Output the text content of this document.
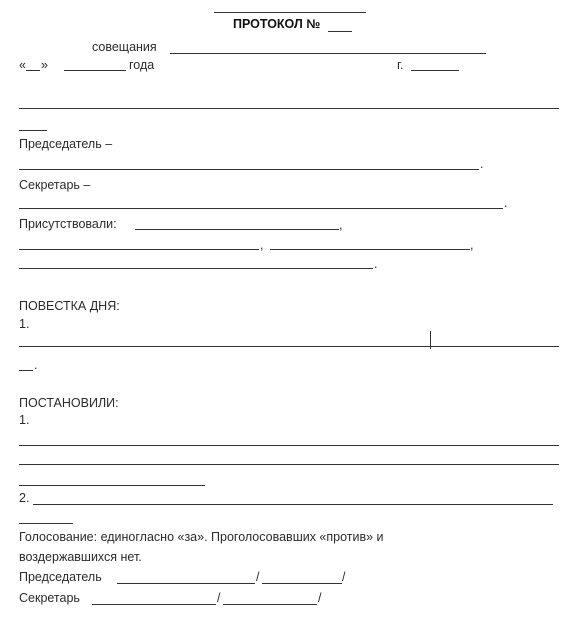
ПРОТОКОЛ №
совещания
« »	года	г.
Председатель –
.
Секретарь –
.
Присутствовали:	,
,	,
.
ПОВЕСТКА ДНЯ:
1.
.
ПОСТАНОВИЛИ:
1.
2.
Голосование: единогласно «за». Проголосовавших «против» и
воздержавшихся нет.
Председатель	/	/
Секретарь	/	/
